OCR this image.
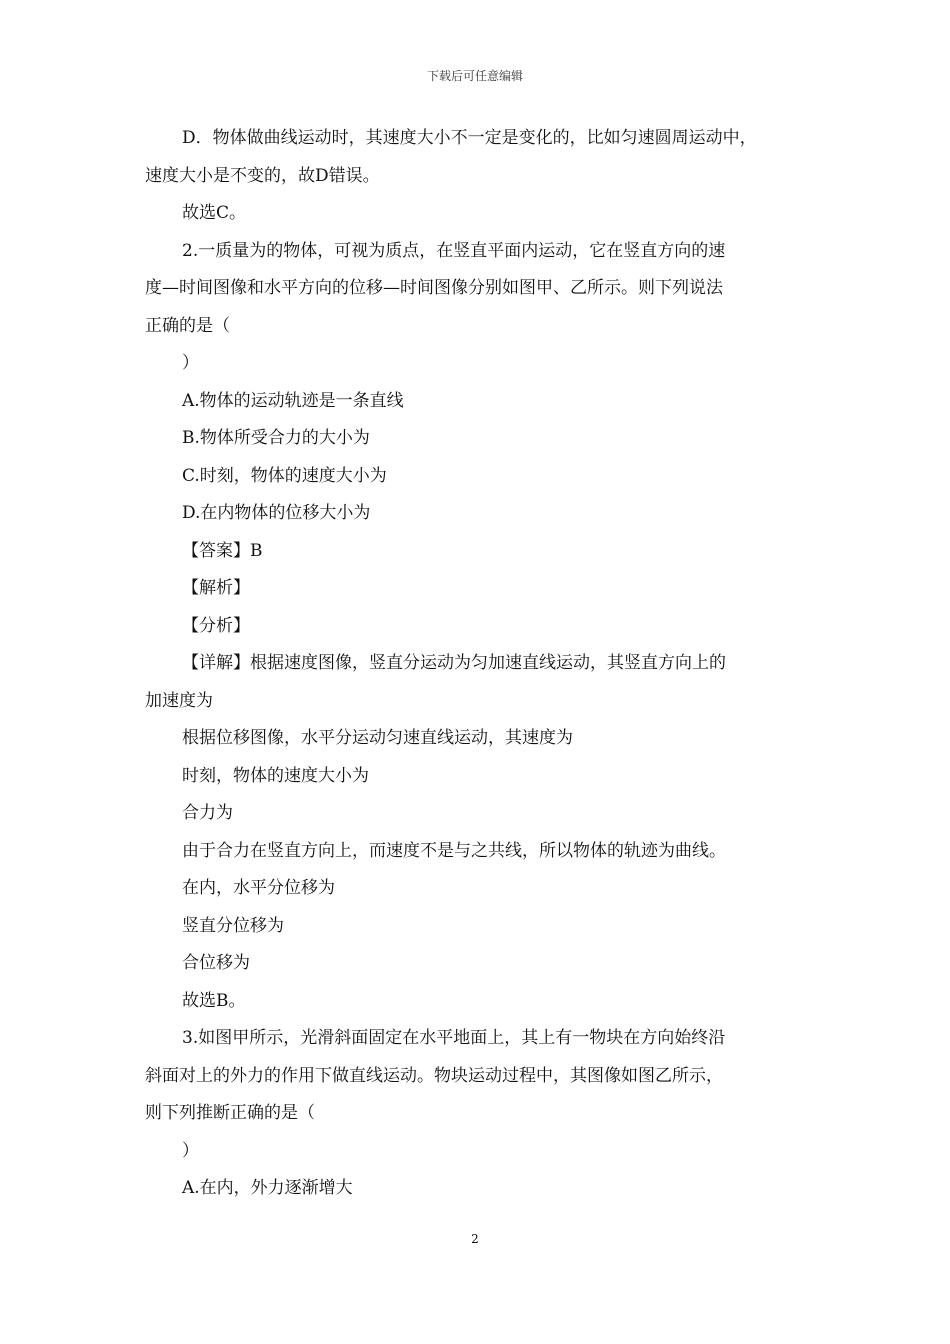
下载后可任意编辑
D．物体做曲线运动时，其速度大小不一定是变化的，比如匀速圆周运动中，
速度大小是不变的，故D错误。
故选C。
2.一质量为的物体，可视为质点，在竖直平面内运动，它在竖直方向的速
度—时间图像和水平方向的位移—时间图像分别如图甲、乙所示。则下列说法
正确的是（
）
A.物体的运动轨迹是一条直线
B.物体所受合力的大小为
C.时刻，物体的速度大小为
D.在内物体的位移大小为
【答案】B
【解析】
【分析】
【详解】根据速度图像，竖直分运动为匀加速直线运动，其竖直方向上的
加速度为
根据位移图像，水平分运动匀速直线运动，其速度为
时刻，物体的速度大小为
合力为
由于合力在竖直方向上，而速度不是与之共线，所以物体的轨迹为曲线。
在内，水平分位移为
竖直分位移为
合位移为
故选B。
3.如图甲所示，光滑斜面固定在水平地面上，其上有一物块在方向始终沿
斜面对上的外力的作用下做直线运动。物块运动过程中，其图像如图乙所示，
则下列推断正确的是（
）
A.在内，外力逐渐增大
2
